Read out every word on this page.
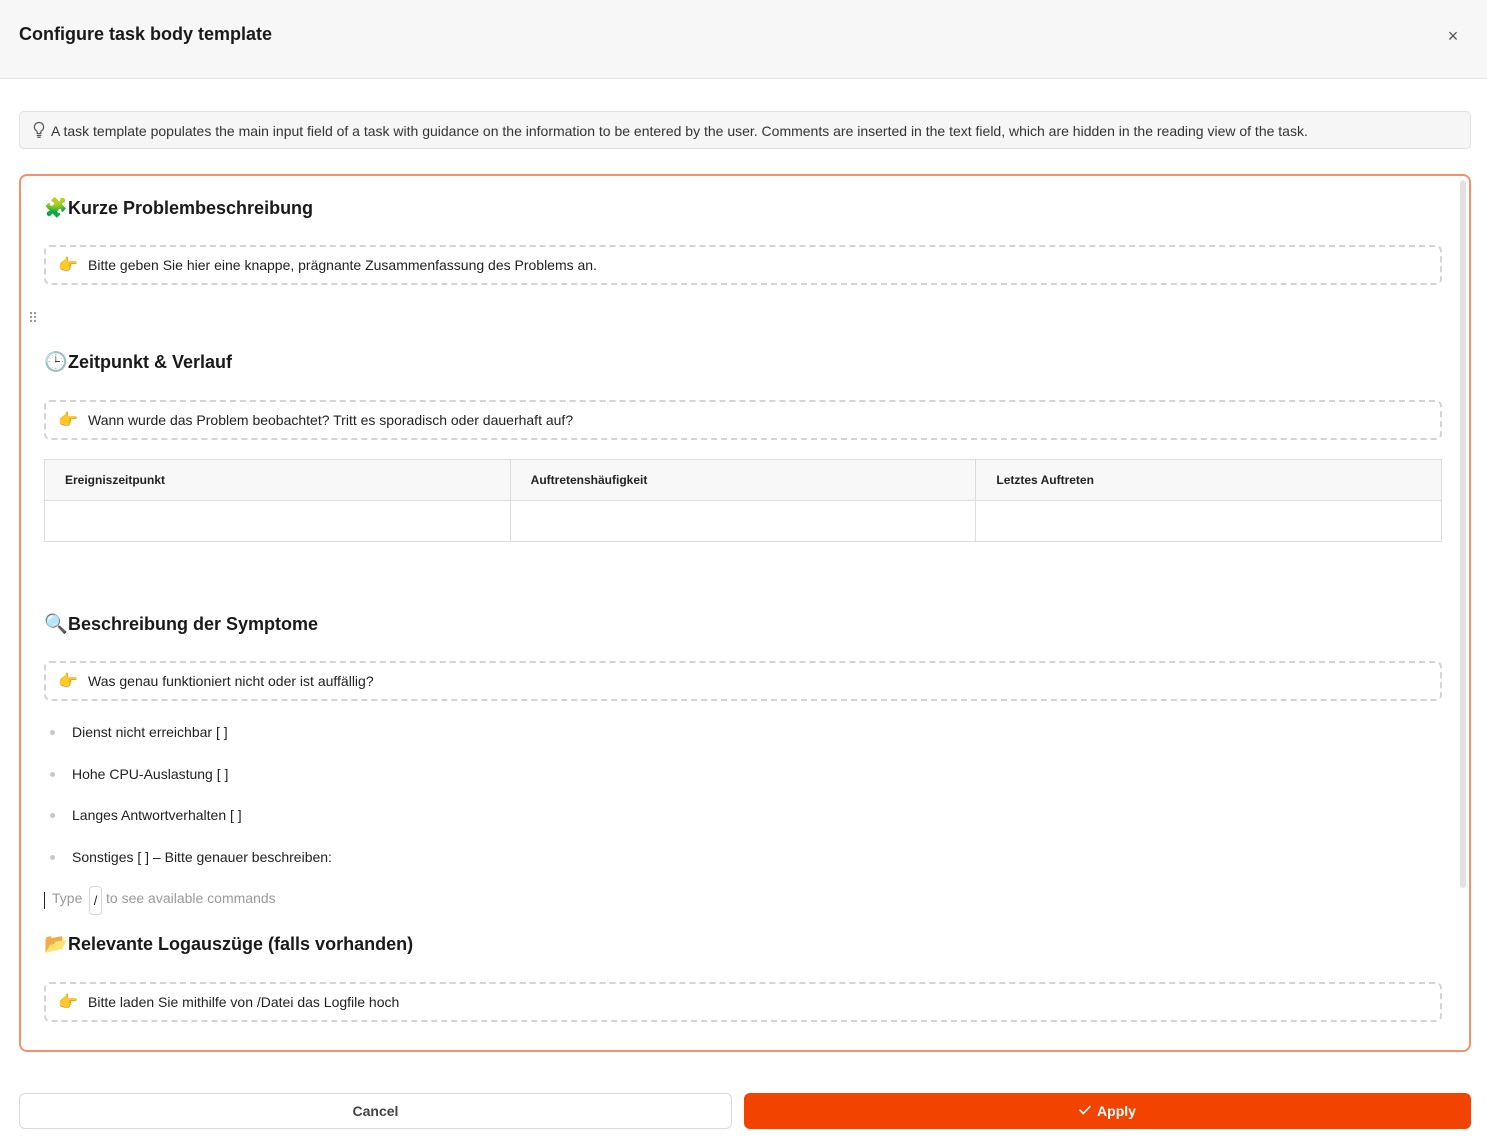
Configure task body template	×
A task template populates the main input field of a task with guidance on the information to be entered by the user. Comments are inserted in the text field, which are hidden in the reading view of the task.
🧩Kurze Problembeschreibung
👉 Bitte geben Sie hier eine knappe, prägnante Zusammenfassung des Problems an.
⠿
🕒Zeitpunkt & Verlauf
👉 Wann wurde das Problem beobachtet? Tritt es sporadisch oder dauerhaft auf?
Ereigniszeitpunkt	Auftretenshäufigkeit	Letztes Auftreten

🔍Beschreibung der Symptome
👉 Was genau funktioniert nicht oder ist auffällig?
Dienst nicht erreichbar [ ]
Hohe CPU-Auslastung [ ]
Langes Antwortverhalten [ ]
Sonstiges [ ] – Bitte genauer beschreiben:
Type / to see available commands
📂Relevante Logauszüge (falls vorhanden)
👉 Bitte laden Sie mithilfe von /Datei das Logfile hoch
Cancel	Apply
